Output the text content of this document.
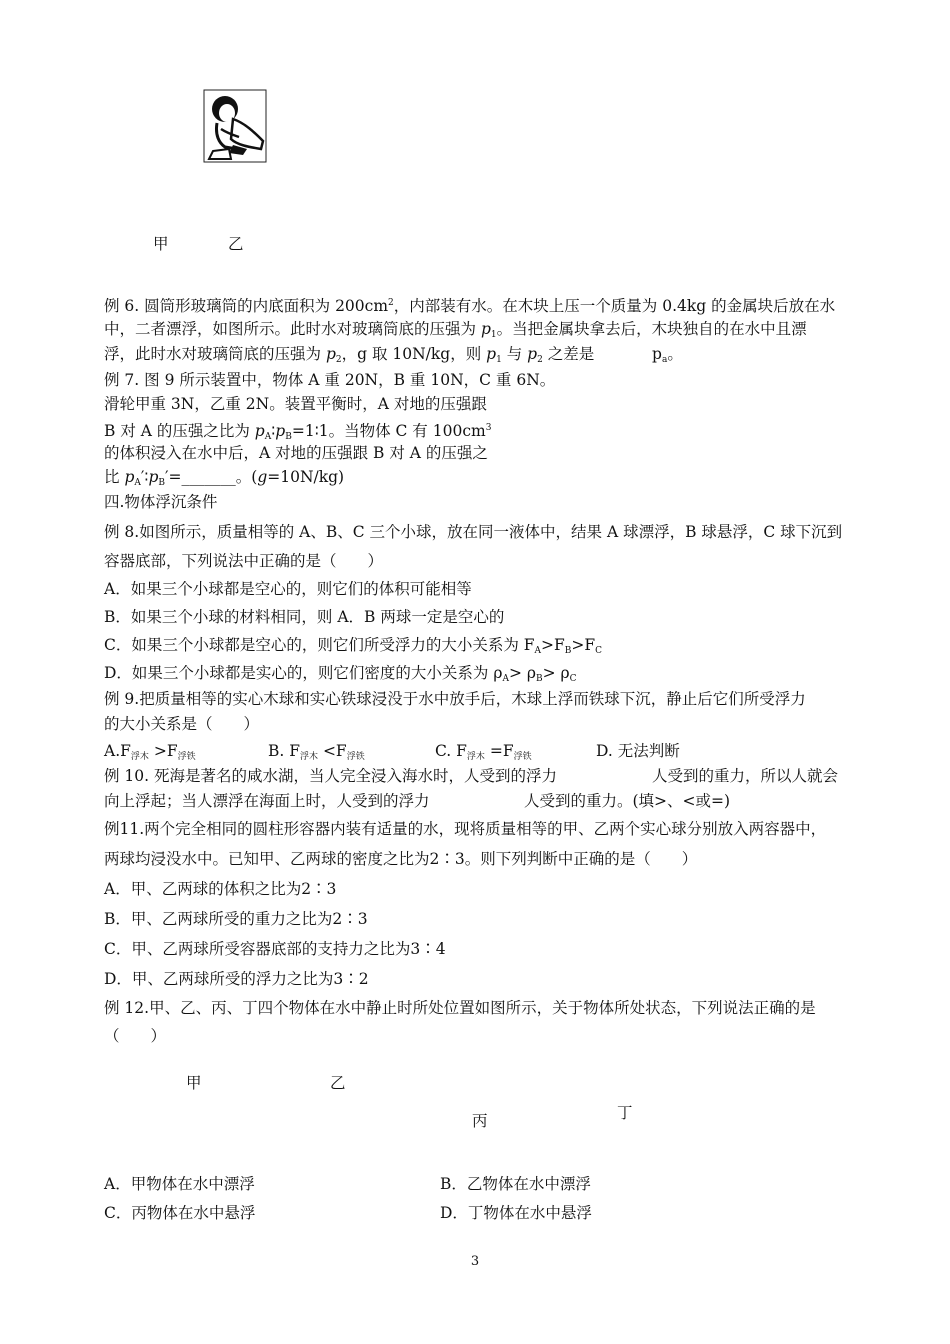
甲	乙
例 6. 圆筒形玻璃筒的内底面积为 $200cm^2$，内部装有水。在木块上压一个质量为 0.4kg 的金属块后放在水
中，二者漂浮，如图所示。此时水对玻璃筒底的压强为 $p_1$。当把金属块拿去后，木块独自的在水中且漂
浮，此时水对玻璃筒底的压强为 $p_2$，g 取 10N/kg，则 $p_1$ 与 $p_2$ 之差是	$p_a$。
例 7. 图 9 所示装置中，物体 A 重 20N，B 重 10N，C 重 6N。
滑轮甲重 3N，乙重 2N。装置平衡时，A 对地的压强跟
B 对 A 的压强之比为 $p_A∶p_B=1∶1$。当物体 C 有 $100cm^3$
的体积浸入在水中后，A 对地的压强跟 B 对 A 的压强之
比 $p_A'∶p_B'=\_\_\_\_\_\_\_$。(g=10N/kg)
四.物体浮沉条件
例 8.如图所示，质量相等的 A、B、C 三个小球，放在同一液体中，结果 A 球漂浮，B 球悬浮，C 球下沉到
容器底部，下列说法中正确的是（　　）
A．如果三个小球都是空心的，则它们的体积可能相等
B．如果三个小球的材料相同，则 A．B 两球一定是空心的
C．如果三个小球都是空心的，则它们所受浮力的大小关系为 $F_A>F_B>F_C$
D．如果三个小球都是实心的，则它们密度的大小关系为 $\rho_A> \rho_B> \rho_C$
例 9.把质量相等的实心木球和实心铁球浸没于水中放手后，木球上浮而铁球下沉，静止后它们所受浮力
的大小关系是（　　）
$A.F_{浮木} >F_{浮铁}$	B. $F_{浮木} <F_{浮铁}$	C. $F_{浮木} =F_{浮铁}$	D. 无法判断
例 10. 死海是著名的咸水湖，当人完全浸入海水时，人受到的浮力	人受到的重力，所以人就会
向上浮起；当人漂浮在海面上时，人受到的浮力	人受到的重力。(填>、<或=)
例11.两个完全相同的圆柱形容器内装有适量的水，现将质量相等的甲、乙两个实心球分别放入两容器中，
两球均浸没水中。已知甲、乙两球的密度之比为2∶3。则下列判断中正确的是（　　）
A．甲、乙两球的体积之比为2∶3
B．甲、乙两球所受的重力之比为2∶3
C．甲、乙两球所受容器底部的支持力之比为3∶4
D．甲、乙两球所受的浮力之比为3∶2
例 12.甲、乙、丙、丁四个物体在水中静止时所处位置如图所示，关于物体所处状态，下列说法正确的是
（　　）
甲	乙
丙	丁
A．甲物体在水中漂浮	B．乙物体在水中漂浮
C．丙物体在水中悬浮	D．丁物体在水中悬浮
3
